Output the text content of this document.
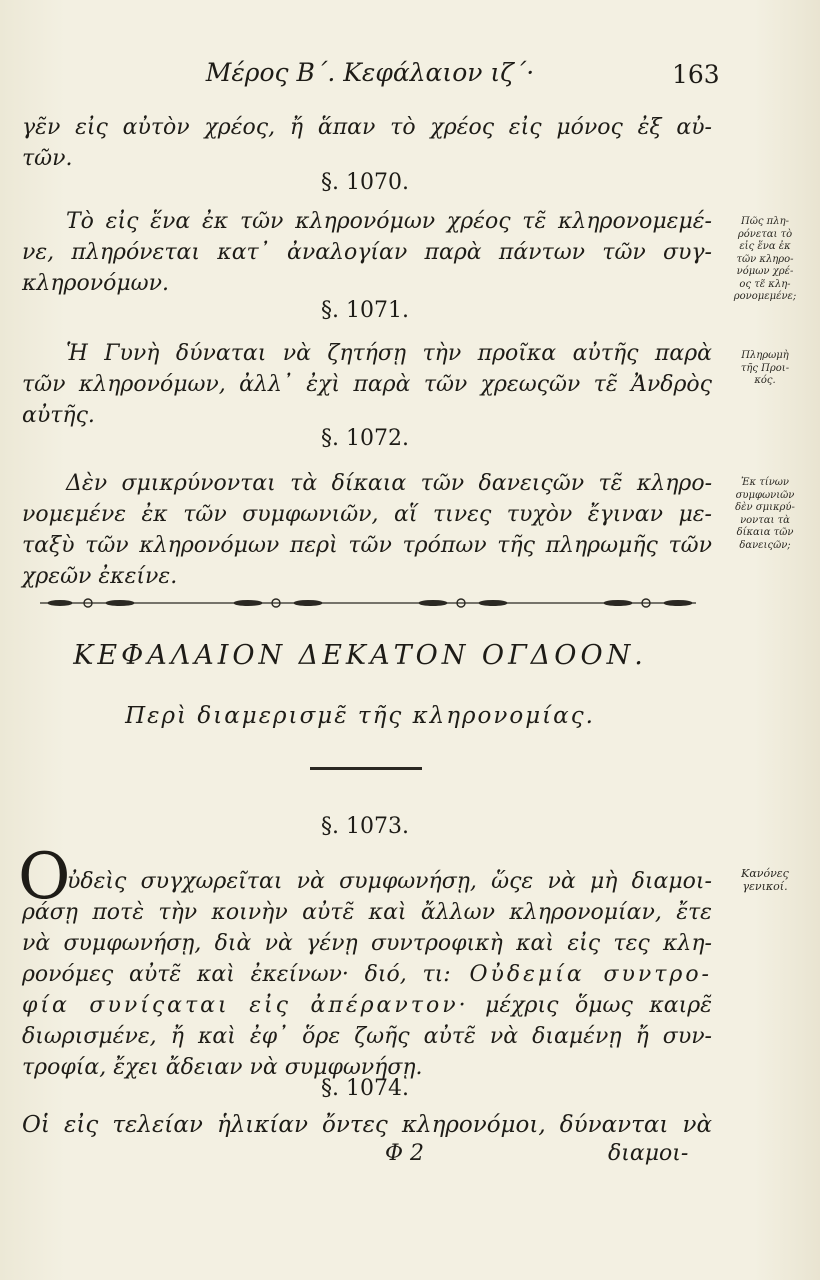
Μέρος Β΄. Κεφάλαιον ιζ΄·	163
γε̃ν εἰς αὐτὸν χρέος, ἤ ἅπαν τὸ χρέος εἰς μόνος ἐξ αὐ-
τῶν.
§. 1070.
Τὸ εἰς ἕνα ἐκ τῶν κληρονόμων χρέος τε̃ κληρονομεμέ-
νε, πληρόνεται κατ᾽ ἀναλογίαν παρὰ πάντων τῶν συγ-
κληρονόμων.
Πῶς πλη-
ρόνεται τὸ
εἰς ἕνα ἐκ
τῶν κληρο-
νόμων χρέ-
ος τε̃ κλη-
ρονομεμένε;
§. 1071.
Ἡ Γυνὴ δύναται νὰ ζητήσῃ τὴν προῖκα αὐτῆς παρὰ
τῶν κληρονόμων, ἀλλ᾽ ἐχὶ παρὰ τῶν χρεωςῶν τε̃ Ἀνδρὸς
αὐτῆς.
Πληρωμὴ
τῆς Προι-
κός.
§. 1072.
Δὲν σμικρύνονται τὰ δίκαια τῶν δανειςῶν τε̃ κληρο-
νομεμένε ἐκ τῶν συμφωνιῶν, αἵ τινες τυχὸν ἔγιναν με-
ταξὺ τῶν κληρονόμων περὶ τῶν τρόπων τῆς πληρωμῆς τῶν
χρεῶν ἐκείνε.
Ἐκ τίνων
συμφωνιῶν
δὲν σμικρύ-
νονται τὰ
δίκαια τῶν
δανειςῶν;
ΚΕΦΑΛΑΙΟΝ ΔΕΚΑΤΟΝ ΟΓΔΟΟΝ.
Περὶ διαμερισμε̃ τῆς κληρονομίας.
§. 1073.
O
ὐδεὶς συγχωρεῖται νὰ συμφωνήσῃ, ὥςε νὰ μὴ διαμοι-
ράσῃ ποτὲ τὴν κοινὴν αὐτε̃ καὶ ἄλλων κληρονομίαν, ἔτε
νὰ συμφωνήσῃ, διὰ νὰ γένῃ συντροφικὴ καὶ εἰς τες κλη-
ρονόμες αὐτε̃ καὶ ἐκείνων· διό, τι: Οὐδεμία συντρο-
φία συνίςαται εἰς ἀπέραντον· μέχρις ὅμως καιρε̃
διωρισμένε, ἤ καὶ ἐφ᾽ ὅρε ζωῆς αὐτε̃ νὰ διαμένῃ ἤ συν-
τροφία, ἔχει ἄδειαν νὰ συμφωνήσῃ.
Κανόνες
γενικοί.
§. 1074.
Οἱ εἰς τελείαν ἡλικίαν ὄντες κληρονόμοι, δύνανται νὰ
Φ 2	διαμοι-
